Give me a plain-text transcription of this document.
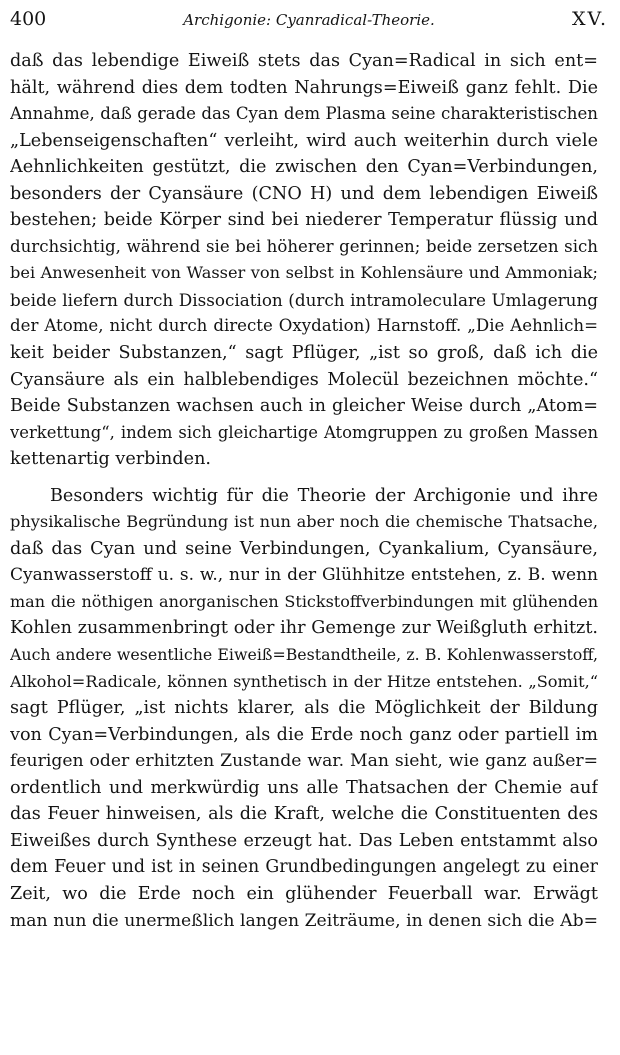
400	Archigonie: Cyanradical-Theorie.	XV.
daß das lebendige Eiweiß stets das Cyan=Radical in sich ent=
hält, während dies dem todten Nahrungs=Eiweiß ganz fehlt. Die
Annahme, daß gerade das Cyan dem Plasma seine charakteristischen
„Lebenseigenschaften“ verleiht, wird auch weiterhin durch viele
Aehnlichkeiten gestützt, die zwischen den Cyan=Verbindungen,
besonders der Cyansäure (CNO H) und dem lebendigen Eiweiß
bestehen; beide Körper sind bei niederer Temperatur flüssig und
durchsichtig, während sie bei höherer gerinnen; beide zersetzen sich
bei Anwesenheit von Wasser von selbst in Kohlensäure und Ammoniak;
beide liefern durch Dissociation (durch intramoleculare Umlagerung
der Atome, nicht durch directe Oxydation) Harnstoff. „Die Aehnlich=
keit beider Substanzen,“ sagt Pflüger, „ist so groß, daß ich die
Cyansäure als ein halblebendiges Molecül bezeichnen möchte.“
Beide Substanzen wachsen auch in gleicher Weise durch „Atom=
verkettung“, indem sich gleichartige Atomgruppen zu großen Massen
kettenartig verbinden.
Besonders wichtig für die Theorie der Archigonie und ihre
physikalische Begründung ist nun aber noch die chemische Thatsache,
daß das Cyan und seine Verbindungen, Cyankalium, Cyansäure,
Cyanwasserstoff u. s. w., nur in der Glühhitze entstehen, z. B. wenn
man die nöthigen anorganischen Stickstoffverbindungen mit glühenden
Kohlen zusammenbringt oder ihr Gemenge zur Weißgluth erhitzt.
Auch andere wesentliche Eiweiß=Bestandtheile, z. B. Kohlenwasserstoff,
Alkohol=Radicale, können synthetisch in der Hitze entstehen. „Somit,“
sagt Pflüger, „ist nichts klarer, als die Möglichkeit der Bildung
von Cyan=Verbindungen, als die Erde noch ganz oder partiell im
feurigen oder erhitzten Zustande war. Man sieht, wie ganz außer=
ordentlich und merkwürdig uns alle Thatsachen der Chemie auf
das Feuer hinweisen, als die Kraft, welche die Constituenten des
Eiweißes durch Synthese erzeugt hat. Das Leben entstammt also
dem Feuer und ist in seinen Grundbedingungen angelegt zu einer
Zeit, wo die Erde noch ein glühender Feuerball war. Erwägt
man nun die unermeßlich langen Zeiträume, in denen sich die Ab=
